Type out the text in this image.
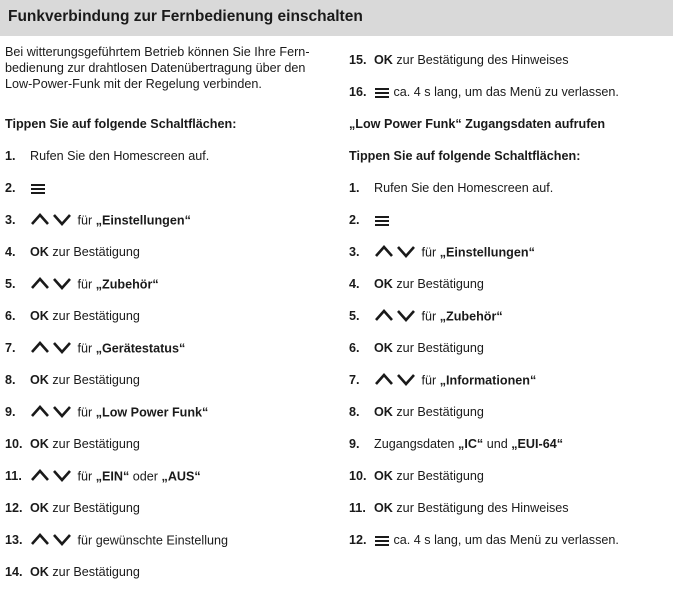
Funkverbindung zur Fernbedienung einschalten
Bei witterungsgeführtem Betrieb können Sie Ihre Fern-
bedienung zur drahtlosen Datenübertragung über den
Low-Power-Funk mit der Regelung verbinden.
Tippen Sie auf folgende Schaltflächen:
1. Rufen Sie den Homescreen auf.
2.
3.	für „Einstellungen“
4. OK zur Bestätigung
5.	für „Zubehör“
6. OK zur Bestätigung
7.	für „Gerätestatus“
8. OK zur Bestätigung
9.	für „Low Power Funk“
10. OK zur Bestätigung
11.	für „EIN“ oder „AUS“
12. OK zur Bestätigung
13.	für gewünschte Einstellung
14. OK zur Bestätigung
15. OK zur Bestätigung des Hinweises
16. ca. 4 s lang, um das Menü zu verlassen.
„Low Power Funk“ Zugangsdaten aufrufen
Tippen Sie auf folgende Schaltflächen:
1. Rufen Sie den Homescreen auf.
2.
3.	für „Einstellungen“
4. OK zur Bestätigung
5.	für „Zubehör“
6. OK zur Bestätigung
7.	für „Informationen“
8. OK zur Bestätigung
9. Zugangsdaten „IC“ und „EUI-64“
10. OK zur Bestätigung
11. OK zur Bestätigung des Hinweises
12. ca. 4 s lang, um das Menü zu verlassen.
